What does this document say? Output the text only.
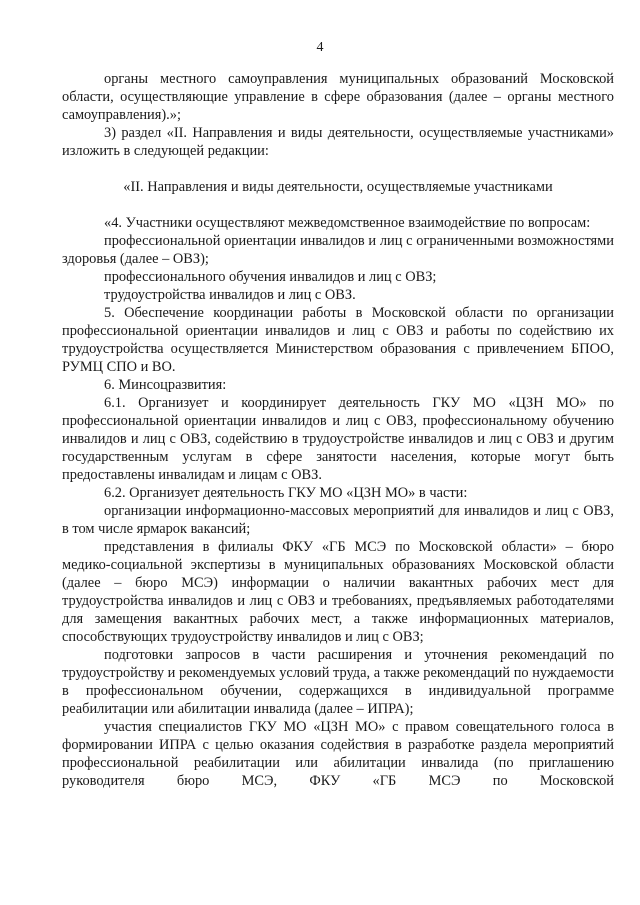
4

органы местного самоуправления муниципальных образований Московской области, осуществляющие управление в сфере образования (далее – органы местного самоуправления).»;

3) раздел «II. Направления и виды деятельности, осуществляемые участниками» изложить в следующей редакции:

«II. Направления и виды деятельности, осуществляемые участниками

«4. Участники осуществляют межведомственное взаимодействие по вопросам:

профессиональной ориентации инвалидов и лиц с ограниченными возможностями здоровья (далее – ОВЗ);

профессионального обучения инвалидов и лиц с ОВЗ;

трудоустройства инвалидов и лиц с ОВЗ.

5. Обеспечение координации работы в Московской области по организации профессиональной ориентации инвалидов и лиц с ОВЗ и работы по содействию их трудоустройства осуществляется Министерством образования с привлечением БПОО, РУМЦ СПО и ВО.

6. Минсоцразвития:

6.1. Организует и координирует деятельность ГКУ МО «ЦЗН МО» по профессиональной ориентации инвалидов и лиц с ОВЗ, профессиональному обучению инвалидов и лиц с ОВЗ, содействию в трудоустройстве инвалидов и лиц с ОВЗ и другим государственным услугам в сфере занятости населения, которые могут быть предоставлены инвалидам и лицам с ОВЗ.

6.2. Организует деятельность ГКУ МО «ЦЗН МО» в части:

организации информационно-массовых мероприятий для инвалидов и лиц с ОВЗ, в том числе ярмарок вакансий;

представления в филиалы ФКУ «ГБ МСЭ по Московской области» – бюро медико-социальной экспертизы в муниципальных образованиях Московской области (далее – бюро МСЭ) информации о наличии вакантных рабочих мест для трудоустройства инвалидов и лиц с ОВЗ и требованиях, предъявляемых работодателями для замещения вакантных рабочих мест, а также информационных материалов, способствующих трудоустройству инвалидов и лиц с ОВЗ;

подготовки запросов в части расширения и уточнения рекомендаций по трудоустройству и рекомендуемых условий труда, а также рекомендаций по нуждаемости в профессиональном обучении, содержащихся в индивидуальной программе реабилитации или абилитации инвалида (далее – ИПРА);

участия специалистов ГКУ МО «ЦЗН МО» с правом совещательного голоса в формировании ИПРА с целью оказания содействия в разработке раздела мероприятий профессиональной реабилитации или абилитации инвалида (по приглашению руководителя бюро МСЭ, ФКУ «ГБ МСЭ по Московской
